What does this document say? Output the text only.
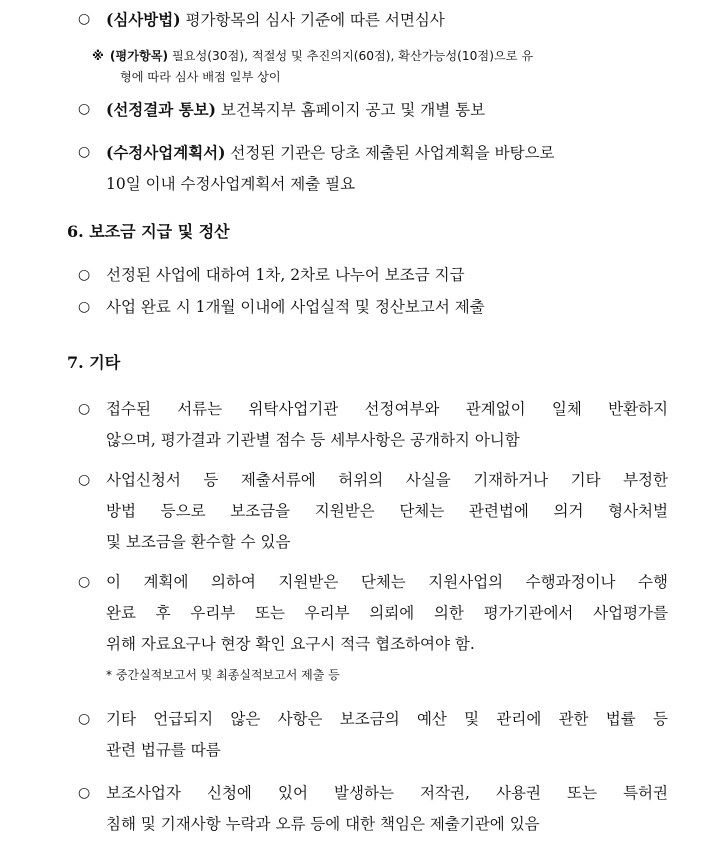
○	(심사방법) 평가항목의 심사 기준에 따른 서면심사
※ (평가항목) 필요성(30점), 적절성 및 추진의지(60점), 확산가능성(10점)으로 유
형에 따라 심사 배점 일부 상이
○	(선정결과 통보) 보건복지부 홈페이지 공고 및 개별 통보
○	(수정사업계획서) 선정된 기관은 당초 제출된 사업계획을 바탕으로
10일 이내 수정사업계획서 제출 필요
6. 보조금 지급 및 정산
○	선정된 사업에 대하여 1차, 2차로 나누어 보조금 지급
○	사업 완료 시 1개월 이내에 사업실적 및 정산보고서 제출
7. 기타
○	접수된 서류는 위탁사업기관 선정여부와 관계없이 일체 반환하지
않으며, 평가결과 기관별 점수 등 세부사항은 공개하지 아니함
○	사업신청서 등 제출서류에 허위의 사실을 기재하거나 기타 부정한
방법 등으로 보조금을 지원받은 단체는 관련법에 의거 형사처벌
및 보조금을 환수할 수 있음
○	이 계획에 의하여 지원받은 단체는 지원사업의 수행과정이나 수행
완료 후 우리부 또는 우리부 의뢰에 의한 평가기관에서 사업평가를
위해 자료요구나 현장 확인 요구시 적극 협조하여야 함.
* 중간실적보고서 및 최종실적보고서 제출 등
○	기타 언급되지 않은 사항은 보조금의 예산 및 관리에 관한 법률 등
관련 법규를 따름
○	보조사업자 신청에 있어 발생하는 저작권, 사용권 또는 특허권
침해 및 기재사항 누락과 오류 등에 대한 책임은 제출기관에 있음
